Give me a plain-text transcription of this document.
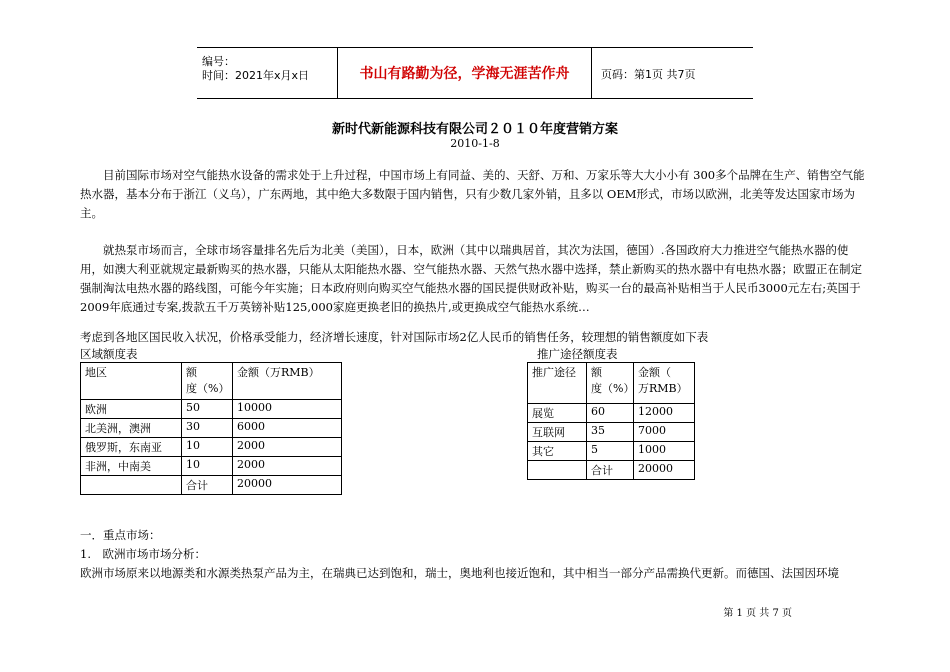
编号：
时间：2021年x月x日	书山有路勤为径，学海无涯苦作舟	页码：第1页 共7页
新时代新能源科技有限公司２０１０年度营销方案
2010-1-8
目前国际市场对空气能热水设备的需求处于上升过程，中国市场上有同益、美的、天舒、万和、万家乐等大大小小有 300多个品牌在生产、销售空气能热水器，基本分布于浙江（义乌），广东两地，其中绝大多数限于国内销售，只有少数几家外销，且多以 OEM形式，市场以欧洲，北美等发达国家市场为主。
就热泵市场而言，全球市场容量排名先后为北美（美国），日本，欧洲（其中以瑞典居首，其次为法国，德国）.各国政府大力推进空气能热水器的使用，如澳大利亚就规定最新购买的热水器，只能从太阳能热水器、空气能热水器、天然气热水器中选择，禁止新购买的热水器中有电热水器；欧盟正在制定强制淘汰电热水器的路线图，可能今年实施；日本政府则向购买空气能热水器的国民提供财政补贴，购买一台的最高补贴相当于人民币3000元左右;英国于2009年底通过专案,拨款五千万英镑补贴125,000家庭更换老旧的换热片,或更换成空气能热水系统…
考虑到各地区国民收入状况，价格承受能力，经济增长速度，针对国际市场2亿人民币的销售任务，较理想的销售额度如下表
区域额度表
地区	额　　度（%）	金额（万RMB）
欧洲	50	10000
北美洲，澳洲	30	6000
俄罗斯，东南亚	10	2000
非洲，中南美	10	2000
	合计	20000
推广途径额度表
推广途径	额　　度（%）	金额（　　万RMB）
展览	60	12000
互联网	35	7000
其它	5	1000
	合计	20000
一．重点市场：
1.　欧洲市场市场分析：
欧洲市场原来以地源类和水源类热泵产品为主，在瑞典已达到饱和，瑞士，奥地利也接近饱和，其中相当一部分产品需换代更新。而德国、法国因环境
第 1 页 共 7 页
